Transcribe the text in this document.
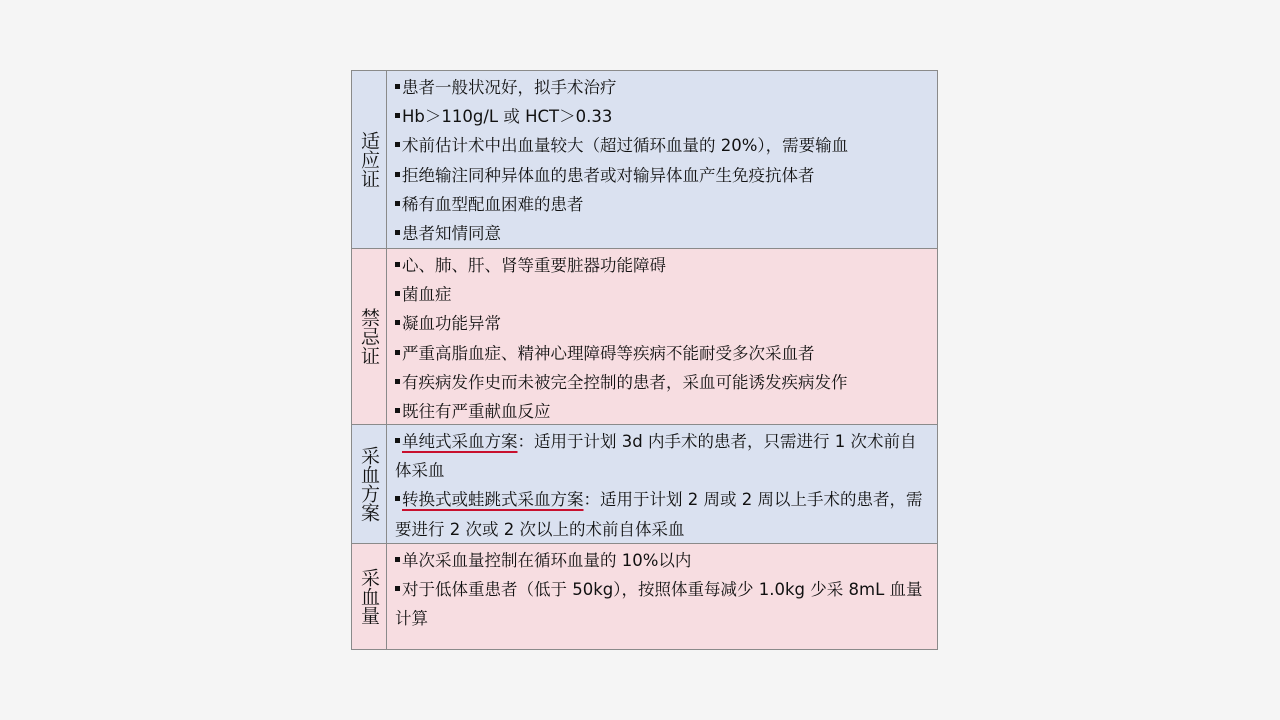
适应证
患者一般状况好，拟手术治疗
Hb＞110g/L 或 HCT＞0.33
术前估计术中出血量较大（超过循环血量的 20%），需要输血
拒绝输注同种异体血的患者或对输异体血产生免疫抗体者
稀有血型配血困难的患者
患者知情同意
禁忌证
心、肺、肝、肾等重要脏器功能障碍
菌血症
凝血功能异常
严重高脂血症、精神心理障碍等疾病不能耐受多次采血者
有疾病发作史而未被完全控制的患者，采血可能诱发疾病发作
既往有严重献血反应
采血方案
单纯式采血方案：适用于计划 3d 内手术的患者，只需进行 1 次术前自体采血
转换式或蛙跳式采血方案：适用于计划 2 周或 2 周以上手术的患者，需要进行 2 次或 2 次以上的术前自体采血
采血量
单次采血量控制在循环血量的 10%以内
对于低体重患者（低于 50kg），按照体重每减少 1.0kg 少采 8mL 血量计算
